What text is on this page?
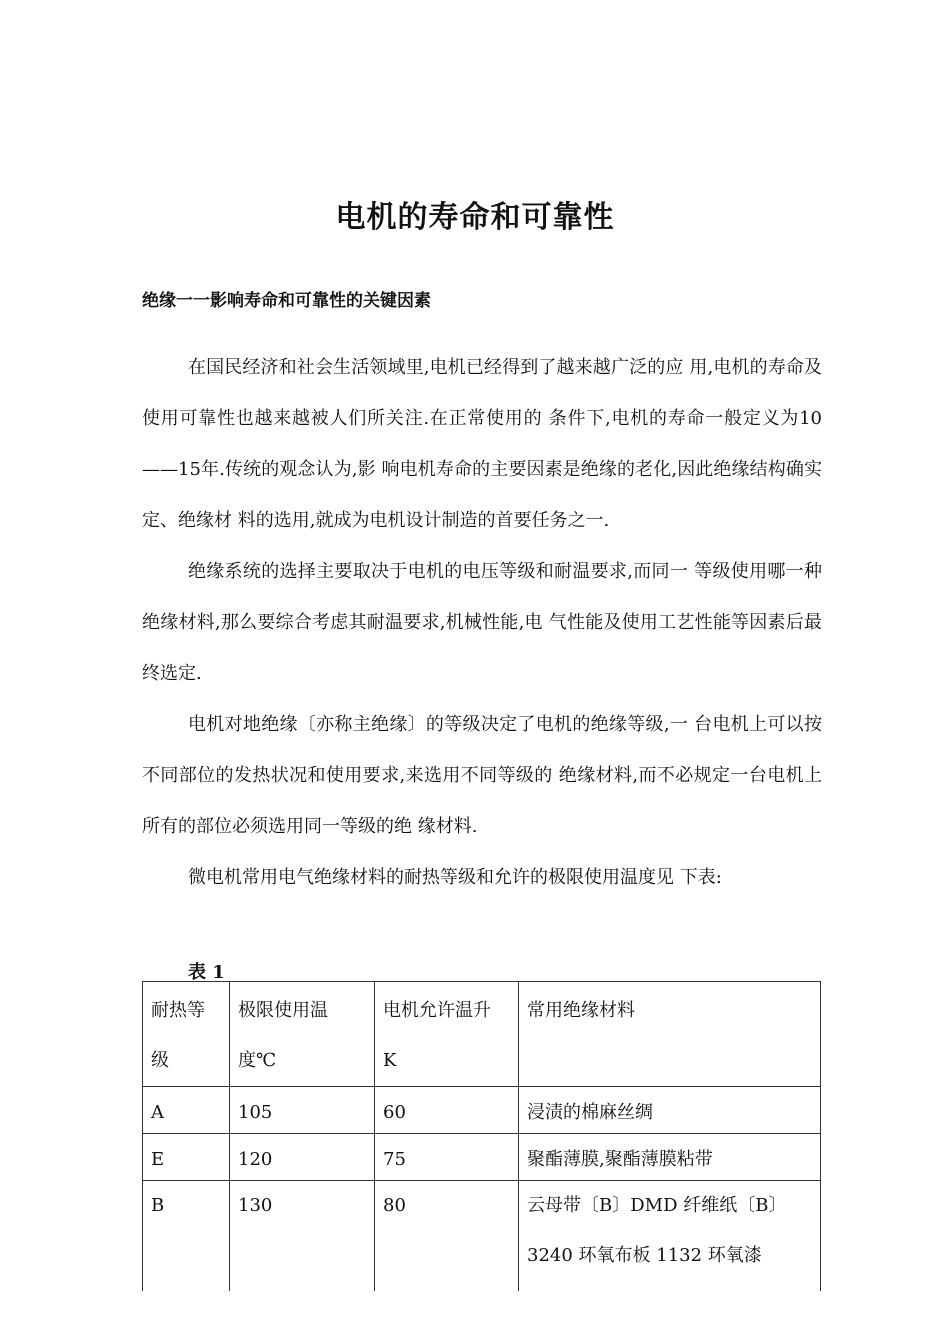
电机的寿命和可靠性
绝缘一一影响寿命和可靠性的关键因素

在国民经济和社会生活领域里,电机已经得到了越来越广泛的应 用,电机的寿命及使用可靠性也越来越被人们所关注.在正常使用的 条件下,电机的寿命一般定义为10——15年.传统的观念认为,影 响电机寿命的主要因素是绝缘的老化,因此绝缘结构确实定、绝缘材 料的选用,就成为电机设计制造的首要任务之一.

绝缘系统的选择主要取决于电机的电压等级和耐温要求,而同一 等级使用哪一种绝缘材料,那么要综合考虑其耐温要求,机械性能,电 气性能及使用工艺性能等因素后最终选定.

电机对地绝缘〔亦称主绝缘〕的等级决定了电机的绝缘等级,一 台电机上可以按不同部位的发热状况和使用要求,来选用不同等级的 绝缘材料,而不必规定一台电机上所有的部位必须选用同一等级的绝 缘材料.

微电机常用电气绝缘材料的耐热等级和允许的极限使用温度见 下表:

表 1

耐热等级	极限使用温度℃	电机允许温升 K	常用绝缘材料
A	105	60	浸渍的棉麻丝绸
E	120	75	聚酯薄膜,聚酯薄膜粘带
B	130	80	云母带〔B〕DMD 纤维纸〔B〕3240 环氧布板 1132 环氧漆
